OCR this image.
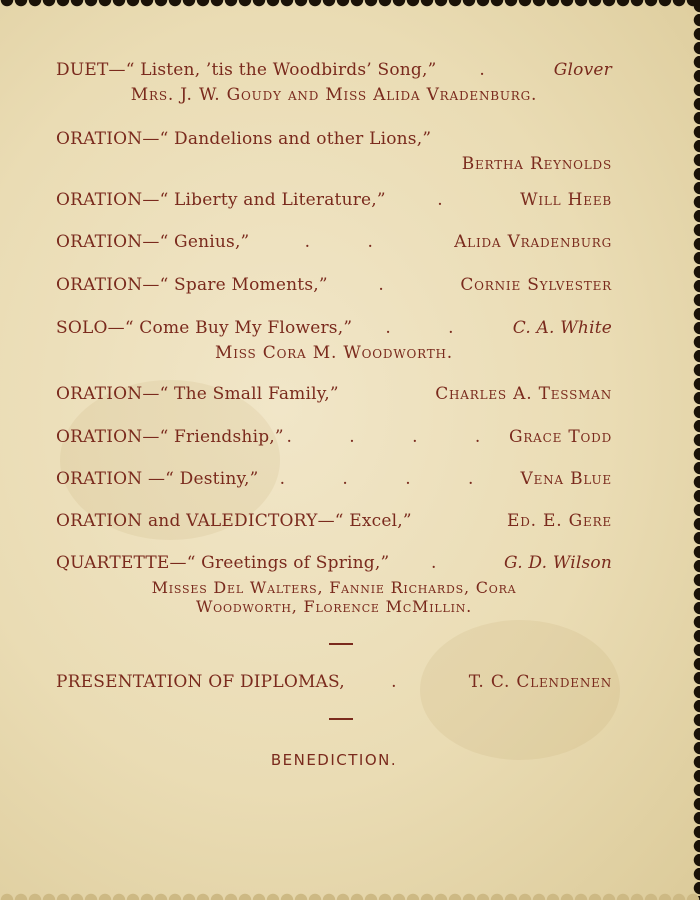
DUET—“ Listen, ’tis the Woodbirds’ Song,”	.	Glover
Mrs. J. W. Goudy and Miss Alida Vradenburg.
ORATION—“ Dandelions and other Lions,”
Bertha Reynolds
ORATION—“ Liberty and Literature,”	.	Will Heeb
ORATION—“ Genius,”	. .	Alida Vradenburg
ORATION—“ Spare Moments,”	.	Cornie Sylvester
SOLO—“ Come Buy My Flowers,”	. .	C. A. White
Miss Cora M. Woodworth.
ORATION—“ The Small Family,”	Charles A. Tessman
ORATION—“ Friendship,” . . . . Grace Todd
ORATION —“ Destiny,”	. . . .	Vena Blue
ORATION and VALEDICTORY—“ Excel,”	Ed. E. Gere
QUARTETTE—“ Greetings of Spring,”	.	G. D. Wilson
Misses Del Walters, Fannie Richards, Cora
Woodworth, Florence McMillin.
PRESENTATION OF DIPLOMAS,	.	T. C. Clendenen
BENEDICTION.
